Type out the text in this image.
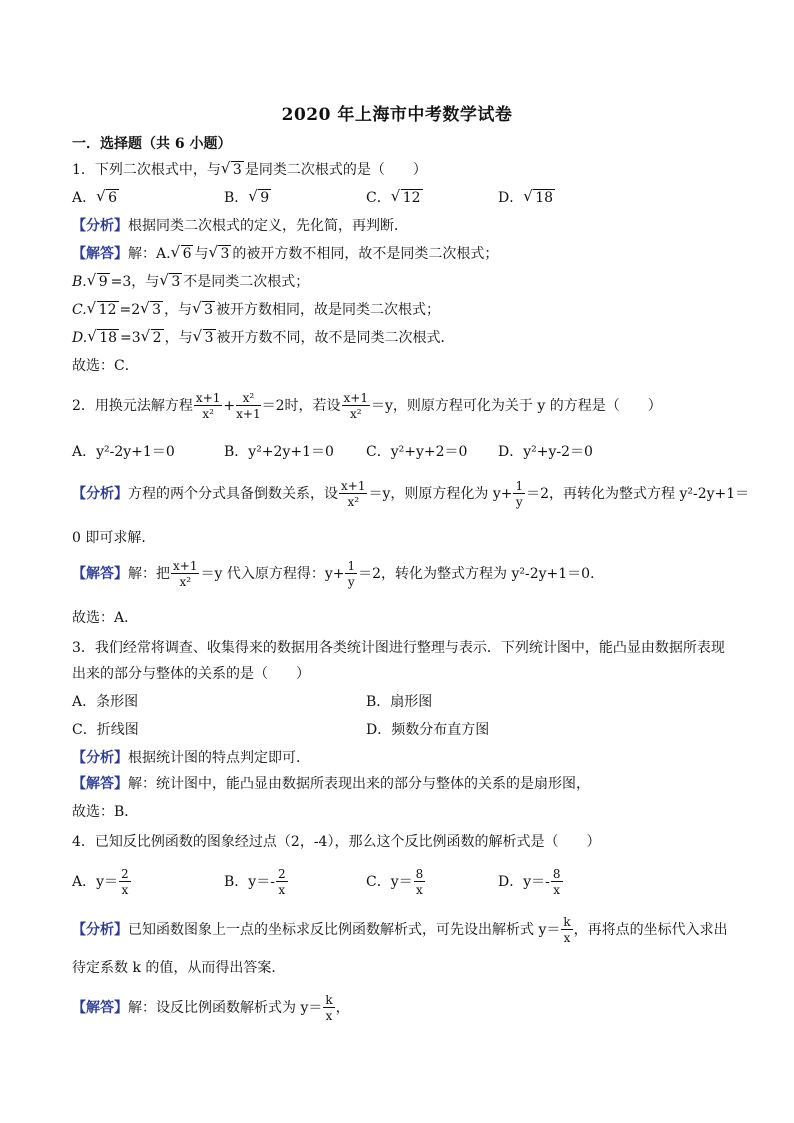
2020 年上海市中考数学试卷
一．选择题（共 6 小题）
1．下列二次根式中，与 √ 3 是同类二次根式的是（　　）
A． √ 6	B． √ 9	C． √ 12	D． √ 18
【分析】根据同类二次根式的定义，先化简，再判断．
【解答】解：A. √ 6 与 √ 3 的被开方数不相同，故不是同类二次根式；
B. √ 9 =3，与 √ 3 不是同类二次根式；
C. √ 12 =2 √ 3 ，与 √ 3 被开方数相同，故是同类二次根式；
D. √ 18 =3 √ 2 ，与 √ 3 被开方数不同，故不是同类二次根式．
故选：C．
2．用换元法解方程 $\frac{x+1}{\text{x²}} + \frac{\text{x²}}{x+1} =2$时，若设 $\frac{x+1}{\text{x²}} =y$，则原方程可化为关于 y 的方程是（　　）
A．y²-2y+1＝0	B．y²+2y+1＝0 C．y²+y+2＝0 D．y²+y-2＝0
【分析】方程的两个分式具备倒数关系，设 $\frac{x+1}{\text{x²}} =y$，则原方程化为 $y+ \frac{1}{y} =2$，再转化为整式方程 y²-2y+1＝
0 即可求解．
【解答】解：把 $\frac{x+1}{\text{x²}} =y$ 代入原方程得：$y+ \frac{1}{y} =2$，转化为整式方程为 y²-2y+1＝0．
故选：A．
3．我们经常将调查、收集得来的数据用各类统计图进行整理与表示．下列统计图中，能凸显由数据所表现
出来的部分与整体的关系的是（　　）
A．条形图	B．扇形图
C．折线图	D．频数分布直方图
【分析】根据统计图的特点判定即可．
【解答】解：统计图中，能凸显由数据所表现出来的部分与整体的关系的是扇形图，
故选：B．
4．已知反比例函数的图象经过点（2，-4），那么这个反比例函数的解析式是（　　）
A．$y= \frac{2}{x}$	B．$y=- \frac{2}{x}$	C．$y= \frac{8}{x}$	D．$y=- \frac{8}{x}$
【分析】已知函数图象上一点的坐标求反比例函数解析式，可先设出解析式 $y= \frac{k}{x}$ ，再将点的坐标代入求出
待定系数 k 的值，从而得出答案．
【解答】解：设反比例函数解析式为 $y= \frac{k}{x}$ ，
